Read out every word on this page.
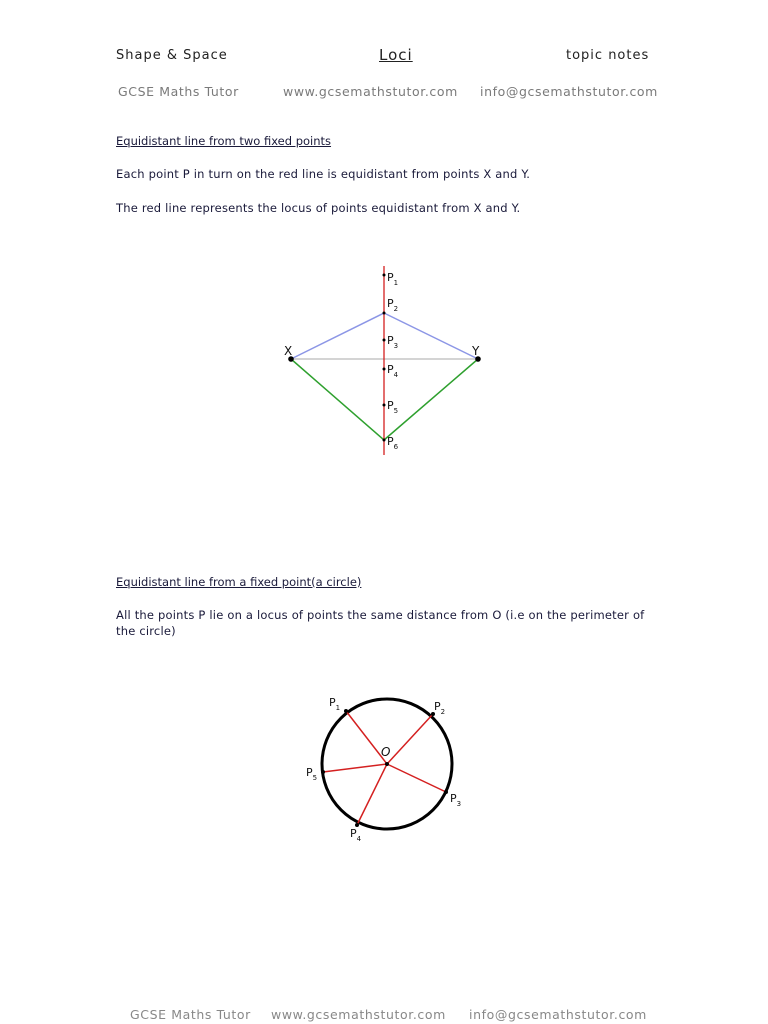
Shape & Space	Loci	topic notes
GCSE Maths Tutor	www.gcsemathstutor.com info@gcsemathstutor.com
Equidistant line from two fixed points
Each point P in turn on the red line is equidistant from points X and Y.
The red line represents the locus of points equidistant from X and Y.
X	Y
$P_1$
$P_2$
$P_3$
$P_4$
$P_5$
$P_6$
O
$P_1$	$P_2$
$P_3$
$P_4$
$P_5$
Equidistant line from a fixed point(a circle)
All the points P lie on a locus of points the same distance from O (i.e on the perimeter of
the circle)
GCSE Maths Tutor www.gcsemathstutor.com info@gcsemathstutor.com
